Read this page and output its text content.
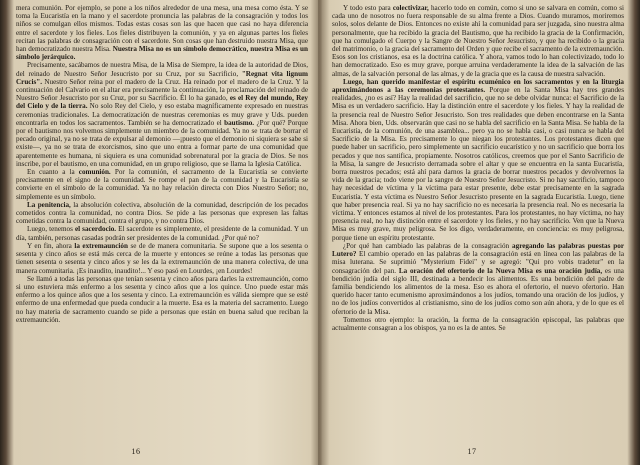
mera comunión. Por ejemplo, se pone a los niños alrededor de una mesa, una mesa como ésta. Y se toma la Eucaristía en la mano y el sacerdote pronuncia las palabras de la consagración y todos los niños se comulgan ellos mismos. Todas estas cosas son las que hacen que casi no haya diferencia entre el sacerdote y los fieles. Los fieles distribuyen la comunión, y ya en algunas partes los fieles recitan las palabras de consagración con el sacerdote. Son cosas que han destruido nuestra Misa, que han democratizado nuestra Misa. Nuestra Misa no es un símbolo democrático, nuestra Misa es un símbolo jerárquico.

Precisamente, sacábamos de nuestra Misa, de la Misa de Siempre, la idea de la autoridad de Dios, del reinado de Nuestro Señor Jesucristo por su Cruz, por su Sacrificio, "Regnat vita lignum Crucis". Nuestro Señor reina por el madero de la Cruz. Ha reinado por el madero de la Cruz. Y la continuación del Calvario en el altar era precisamente la continuación, la proclamación del reinado de Nuestro Señor Jesucristo por su Cruz, por su Sacrificio. Él lo ha ganado, es el Rey del mundo, Rey del Cielo y de la tierra. No solo Rey del Cielo, y eso estaba magníficamente expresado en nuestras ceremonias tradicionales. La democratización de nuestras ceremonias es muy grave y Uds. pueden encontrarla en todos los sacramentos. También se ha democratizado el bautismo. ¿Por qué? Porque por el bautismo nos volvemos simplemente un miembro de la comunidad. Ya no se trata de borrar el pecado original, ya no se trata de expulsar al demonio —¡puesto que el demonio ni siquiera se sabe si existe—, ya no se trata de exorcismos, sino que uno entra a formar parte de una comunidad que aparentemente es humana, ni siquiera es una comunidad sobrenatural por la gracia de Dios. Se nos inscribe, por el bautismo, en una comunidad, en un grupo religioso, que se llama la Iglesia Católica.

En cuanto a la comunión. Por la comunión, el sacramento de la Eucaristía se convierte precisamente en el signo de la comunidad. Se rompe el pan de la comunidad y la Eucaristía se convierte en el símbolo de la comunidad. Ya no hay relación directa con Dios Nuestro Señor; no, simplemente es un símbolo.

La penitencia, la absolución colectiva, absolución de la comunidad, descripción de los pecados cometidos contra la comunidad, no contra Dios. Se pide a las personas que expresen las faltas cometidas contra la comunidad, contra el grupo, y no contra Dios.

Luego, tenemos el sacerdocio. El sacerdote es simplemente, el presidente de la comunidad. Y un día, también, personas casadas podrán ser presidentes de la comunidad. ¿Por qué no?

Y en fin, ahora la extremaunción se de de manera comunitaria. Se supone que a los sesenta o sesenta y cinco años se está más cerca de la muerte y entonces se reúne a todas las personas que tienen sesenta o sesenta y cinco años y se les da la extremaunción de una manera colectiva, de una manera comunitaria. ¡Es inaudito, inaudito!... Y eso pasó en Lourdes, ¡en Lourdes!

Se llamó a todas las personas que tenían sesenta y cinco años para darles la extremaunción, como si uno estuviera más enfermo a los sesenta y cinco años que a los quince. Uno puede estar más enfermo a los quince años que a los sesenta y cinco. La extremaunción es válida siempre que se esté enfermo de una enfermedad que pueda conducir a la muerte. Esa es la materia del sacramento. Luego no hay materia de sacramento cuando se pide a personas que están en buena salud que reciban la extremaunción.

16

Y todo esto para colectivizar, hacerlo todo en común, como si uno se salvara en común, como si cada uno de nosotros no fuera responsable de su alma frente a Dios. Cuando muramos, moriremos solos, solos delante de Dios. Entonces no existe ahí la comunidad para ser juzgada, sino nuestra alma personalmente, que ha recibido la gracia del Bautismo, que ha recibido la gracia de la Confirmación, que ha comulgado el Cuerpo y la Sangre de Nuestro Señor Jesucristo, y que ha recibido o la gracia del matrimonio, o la gracia del sacramento del Orden y que recibe el sacramento de la extremaunción. Esos son los cristianos, esa es la doctrina católica. Y ahora, vamos todo lo han colectivizado, todo lo han democratizado. Eso es muy grave, porque arruina verdaderamente la idea de la salvación de las almas, de la salvación personal de las almas, y de la gracia que es la causa de nuestra salvación.

Luego, han querido manifestar el espíritu ecuménico en los sacramentos y en la liturgia aproximándonos a las ceremonias protestantes. Porque en la Santa Misa hay tres grandes realidades, ¿no es así? Hay la realidad del sacrificio, que no se debe olvidar nunca: el Sacrificio de la Misa es un verdadero sacrificio. Hay la distinción entre el sacerdote y los fieles. Y hay la realidad de la presencia real de Nuestro Señor Jesucristo. Son tres realidades que deben encontrarse en la Santa Misa. Ahora bien, Uds. observarán que casi no se habla del sacrificio en la Santa Misa. Se habla de la Eucaristía, de la comunión, de una asamblea... pero ya no se habla casi, o casi nunca se habla del Sacrificio de la Misa. Es precisamente lo que niegan los protestantes. Los protestantes dicen que puede haber un sacrificio, pero simplemente un sacrificio eucarístico y no un sacrificio que borra los pecados y que nos santifica, propiamente. Nosotros católicos, creemos que por el Santo Sacrificio de la Misa, la sangre de Jesucristo derramada sobre el altar y que se encuentra en la santa Eucaristía, borra nuestros pecados; está ahí para darnos la gracia de borrar nuestros pecados y devolvernos la vida de la gracia; todo viene por la sangre de Nuestro Señor Jesucristo. Si no hay sacrificio, tampoco hay necesidad de víctima y la víctima para estar presente, debe estar precisamente en la sagrada Eucaristía. Y esta víctima es Nuestro Señor Jesucristo presente en la sagrada Eucaristía. Luego, tiene que haber presencia real. Si ya no hay sacrificio no es necesaria la presencia real. No es necesaria la víctima. Y entonces estamos al nivel de los protestantes. Para los protestantes, no hay víctima, no hay presencia real, no hay distinción entre el sacerdote y los fieles, y no hay sacrificio. Ven que la Nueva Misa es muy grave, muy peligrosa. Se los digo, verdaderamente, en conciencia: es muy peligrosa, porque tiene un espíritu protestante.

¿Por qué han cambiado las palabras de la consagración agregando las palabras puestas por Lutero? El cambio operado en las palabras de la consagración está en línea con las palabras de la misa luterana. Se suprimió "Mysterium Fidei" y se agregó: "Qui pro vobis tradetur" en la consagración del pan. La oración del ofertorio de la Nueva Misa es una oración judía, es una bendición judía del siglo III, destinada a bendecir los alimentos. Es una bendición del padre de familia bendiciendo los alimentos de la mesa. Eso es ahora el ofertorio, el nuevo ofertorio. Han querido hacer tanto ecumenismo aproximándonos a los judíos, tomando una oración de los judíos, y no de los judíos convertidos al cristianismo, sino de los judíos como son aún ahora, y de lo que es el ofertorio de la Misa.

Tomemos otro ejemplo: la oración, la forma de la consagración episcopal, las palabras que actualmente consagran a los obispos, ya no es la de antes. Se

17
